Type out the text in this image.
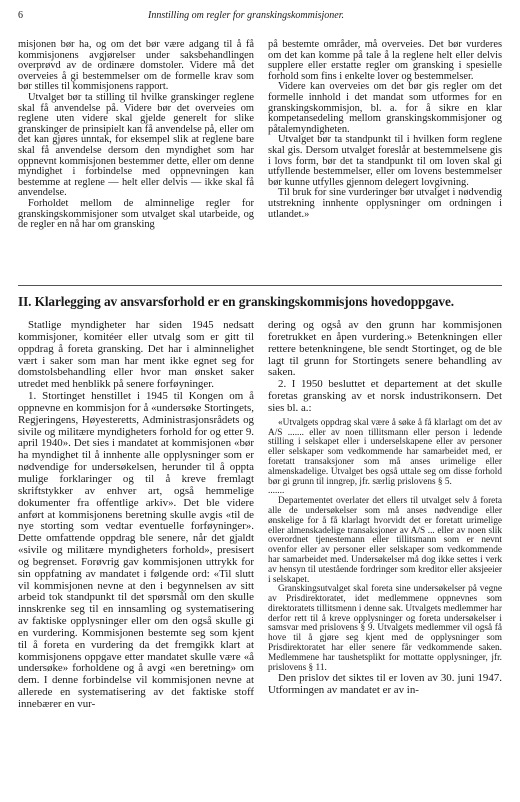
6	Innstilling om regler for granskingskommisjoner.

misjonen bør ha, og om det bør være adgang til å få kommisjonens avgjørelser under saksbehandlingen overprøvd av de ordinære domstoler. Videre må det overveies å gi bestemmelser om de formelle krav som bør stilles til kommisjonens rapport.

Utvalget bør ta stilling til hvilke granskinger reglene skal få anvendelse på. Videre bør det overveies om reglene uten videre skal gjelde generelt for slike granskinger de prinsipielt kan få anvendelse på, eller om det kan gjøres unntak, for eksempel slik at reglene bare skal få anvendelse dersom den myndighet som har oppnevnt kommisjonen bestemmer dette, eller om denne myndighet i forbindelse med oppnevningen kan bestemme at reglene — helt eller delvis — ikke skal få anvendelse.

Forholdet mellom de alminnelige regler for granskingskommisjoner som utvalget skal utarbeide, og de regler en nå har om gransking

på bestemte områder, må overveies. Det bør vurderes om det kan komme på tale å la reglene helt eller delvis supplere eller erstatte regler om gransking i spesielle forhold som fins i enkelte lover og bestemmelser.

Videre kan overveies om det bør gis regler om det formelle innhold i det mandat som utformes for en granskingskommisjon, bl. a. for å sikre en klar kompetansedeling mellom granskingskommisjoner og påtalemyndigheten.

Utvalget bør ta standpunkt til i hvilken form reglene skal gis. Dersom utvalget foreslår at bestemmelsene gis i lovs form, bør det ta standpunkt til om loven skal gi utfyllende bestemmelser, eller om lovens bestemmelser bør kunne utfylles gjennom delegert lovgivning.

Til bruk for sine vurderinger bør utvalget i nødvendig utstrekning innhente opplysninger om ordningen i utlandet.»

II. Klarlegging av ansvarsforhold er en granskingskommisjons hovedoppgave.

Statlige myndigheter har siden 1945 nedsatt kommisjoner, komitéer eller utvalg som er gitt til oppdrag å foreta gransking. Det har i alminnelighet vært i saker som man har ment ikke egnet seg for domstolsbehandling eller hvor man ønsket saker utredet med henblikk på senere forføyninger.

1. Stortinget henstillet i 1945 til Kongen om å oppnevne en kommisjon for å «undersøke Stortingets, Regjeringens, Høyesteretts, Administrasjonsrådets og sivile og militære myndigheters forhold for og etter 9. april 1940». Det sies i mandatet at kommisjonen «bør ha myndighet til å innhente alle opplysninger som er nødvendige for undersøkelsen, herunder til å opptа mulige forklaringer og til å kreve fremlagt skriftstykker av enhver art, også hemmelige dokumenter fra offentlige arkiv». Det ble videre anført at kommisjonens beretning skulle avgis «til de nye storting som vedtar eventuelle forføyninger». Dette omfattende oppdrag ble senere, når det gjaldt «sivile og militære myndigheters forhold», presisert og begrenset. Forøvrig gav kommisjonen uttrykk for sin oppfatning av mandatet i følgende ord: «Til slutt vil kommisjonen nevne at den i begynnelsen av sitt arbeid tok standpunkt til det spørsmål om den skulle innskrenke seg til en innsamling og systematisering av faktiske opplysninger eller om den også skulle gi en vurdering. Kommisjonen bestemte seg som kjent til å foreta en vurdering da det fremgikk klart at kommisjonens oppgave etter mandatet skulle være «å undersøke» forholdene og å avgi «en beretning» om dem. I denne forbindelse vil kommisjonen nevne at allerede en systematisering av det faktiske stoff innebærer en vur-

dering og også av den grunn har kommisjonen foretrukket en åpen vurdering.» Betenkningen eller rettere betenkningene, ble sendt Stortinget, og de ble lagt til grunn for Stortingets senere behandling av saken.

2. I 1950 besluttet et departement at det skulle foretas gransking av et norsk industrikonsern. Det sies bl. a.:

«Utvalgets oppdrag skal være å søke å få klarlagt om det av A/S ....... eller av noen tillitsmann eller person i ledende stilling i selskapet eller i underselskapene eller av personer eller selskaper som vedkommende har samarbeidet med, er foretatt transaksjoner som må anses urimelige eller almenskadelige. Utvalget bes også uttale seg om disse forhold bør gi grunn til inngrep, jfr. særlig prislovens § 5.

.......

Departementet overlater det ellers til utvalget selv å foreta alle de undersøkelser som må anses nødvendige eller ønskelige for å få klarlagt hvorvidt det er foretatt urimelige eller almenskadelige transaksjoner av A/S ... eller av noen slik overordnet tjenestemann eller tillitsmann som er nevnt ovenfor eller av personer eller selskaper som vedkommende har samarbeidet med. Undersøkelser må dog ikke settes i verk av hensyn til utestående fordringer som kreditor eller aksjeeier i selskapet.

Granskingsutvalget skal foreta sine undersøkelser på vegne av Prisdirektoratet, idet medlemmene oppnevnes som direktoratets tillitsmenn i denne sak. Utvalgets medlemmer har derfor rett til å kreve opplysninger og foreta undersøkelser i samsvar med prislovens § 9. Utvalgets medlemmer vil også få hove til å gjøre seg kjent med de opplysninger som Prisdirektoratet har eller senere får vedkommende saken. Medlemmene har taushetsplikt for mottatte opplysninger, jfr. prislovens § 11.

Den prislov det siktes til er loven av 30. juni 1947. Utformingen av mandatet er av in-
